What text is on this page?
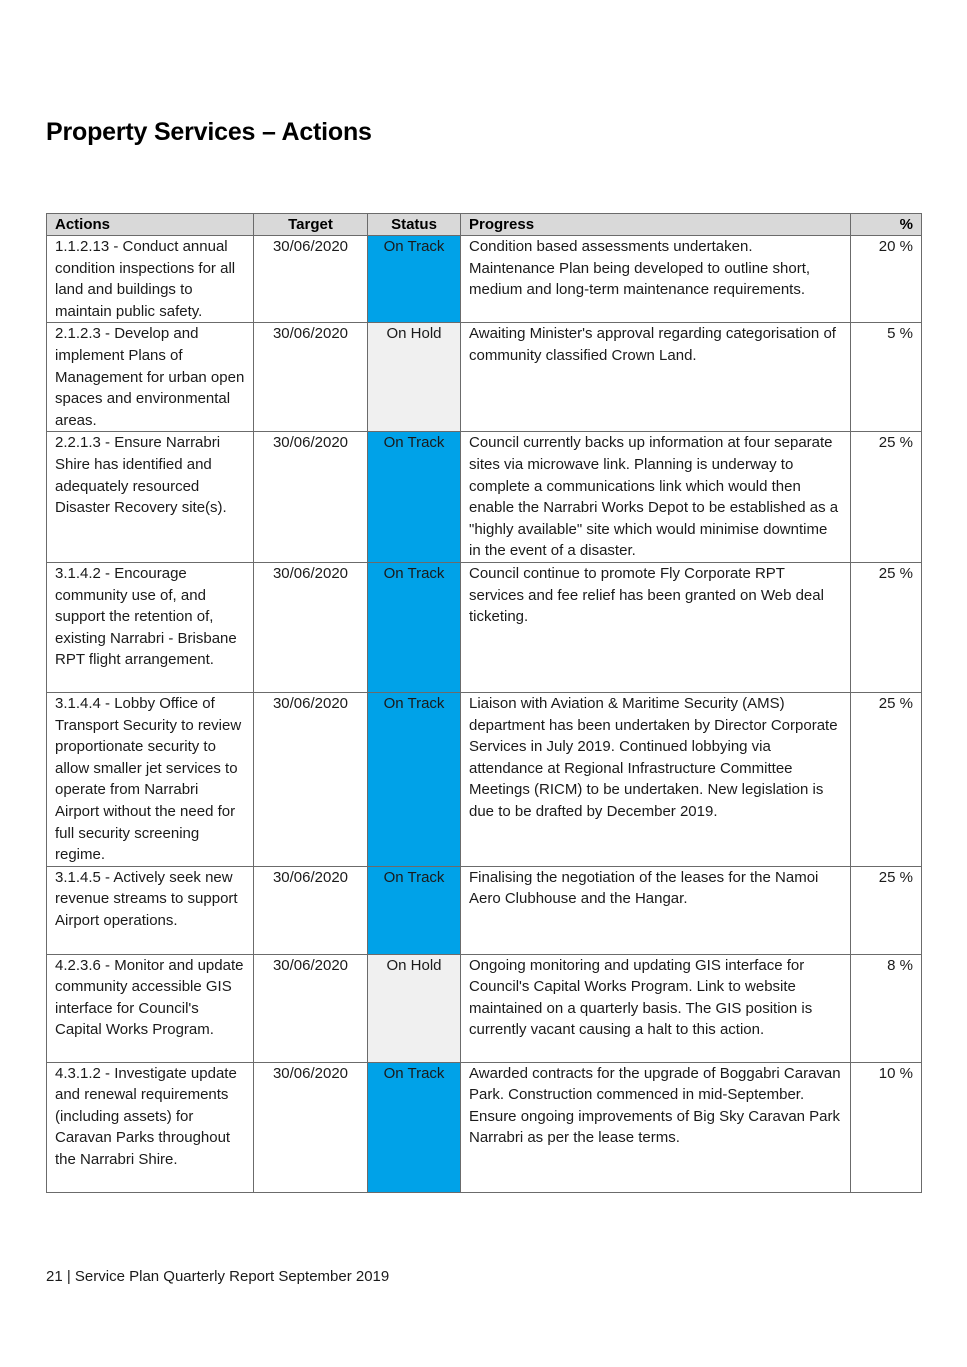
Property Services – Actions
Actions	Target	Status	Progress	%
1.1.2.13 - Conduct annual condition inspections for all land and buildings to maintain public safety.	30/06/2020	On Track	Condition based assessments undertaken. Maintenance Plan being developed to outline short, medium and long-term maintenance requirements.	20 %
2.1.2.3 - Develop and implement Plans of Management for urban open spaces and environmental areas.	30/06/2020	On Hold	Awaiting Minister's approval regarding categorisation of community classified Crown Land.	5 %
2.2.1.3 - Ensure Narrabri Shire has identified and adequately resourced Disaster Recovery site(s).	30/06/2020	On Track	Council currently backs up information at four separate sites via microwave link. Planning is underway to complete a communications link which would then enable the Narrabri Works Depot to be established as a "highly available" site which would minimise downtime in the event of a disaster.	25 %
3.1.4.2 - Encourage community use of, and support the retention of, existing Narrabri - Brisbane RPT flight arrangement.	30/06/2020	On Track	Council continue to promote Fly Corporate RPT services and fee relief has been granted on Web deal ticketing.	25 %
3.1.4.4 - Lobby Office of Transport Security to review proportionate security to allow smaller jet services to operate from Narrabri Airport without the need for full security screening regime.	30/06/2020	On Track	Liaison with Aviation & Maritime Security (AMS) department has been undertaken by Director Corporate Services in July 2019. Continued lobbying via attendance at Regional Infrastructure Committee Meetings (RICM) to be undertaken. New legislation is due to be drafted by December 2019.	25 %
3.1.4.5 - Actively seek new revenue streams to support Airport operations.	30/06/2020	On Track	Finalising the negotiation of the leases for the Namoi Aero Clubhouse and the Hangar.	25 %
4.2.3.6 - Monitor and update community accessible GIS interface for Council's Capital Works Program.	30/06/2020	On Hold	Ongoing monitoring and updating GIS interface for Council's Capital Works Program. Link to website maintained on a quarterly basis. The GIS position is currently vacant causing a halt to this action.	8 %
4.3.1.2 - Investigate update and renewal requirements (including assets) for Caravan Parks throughout the Narrabri Shire.	30/06/2020	On Track	Awarded contracts for the upgrade of Boggabri Caravan Park. Construction commenced in mid-September. Ensure ongoing improvements of Big Sky Caravan Park Narrabri as per the lease terms.	10 %
21 | Service Plan Quarterly Report September 2019
